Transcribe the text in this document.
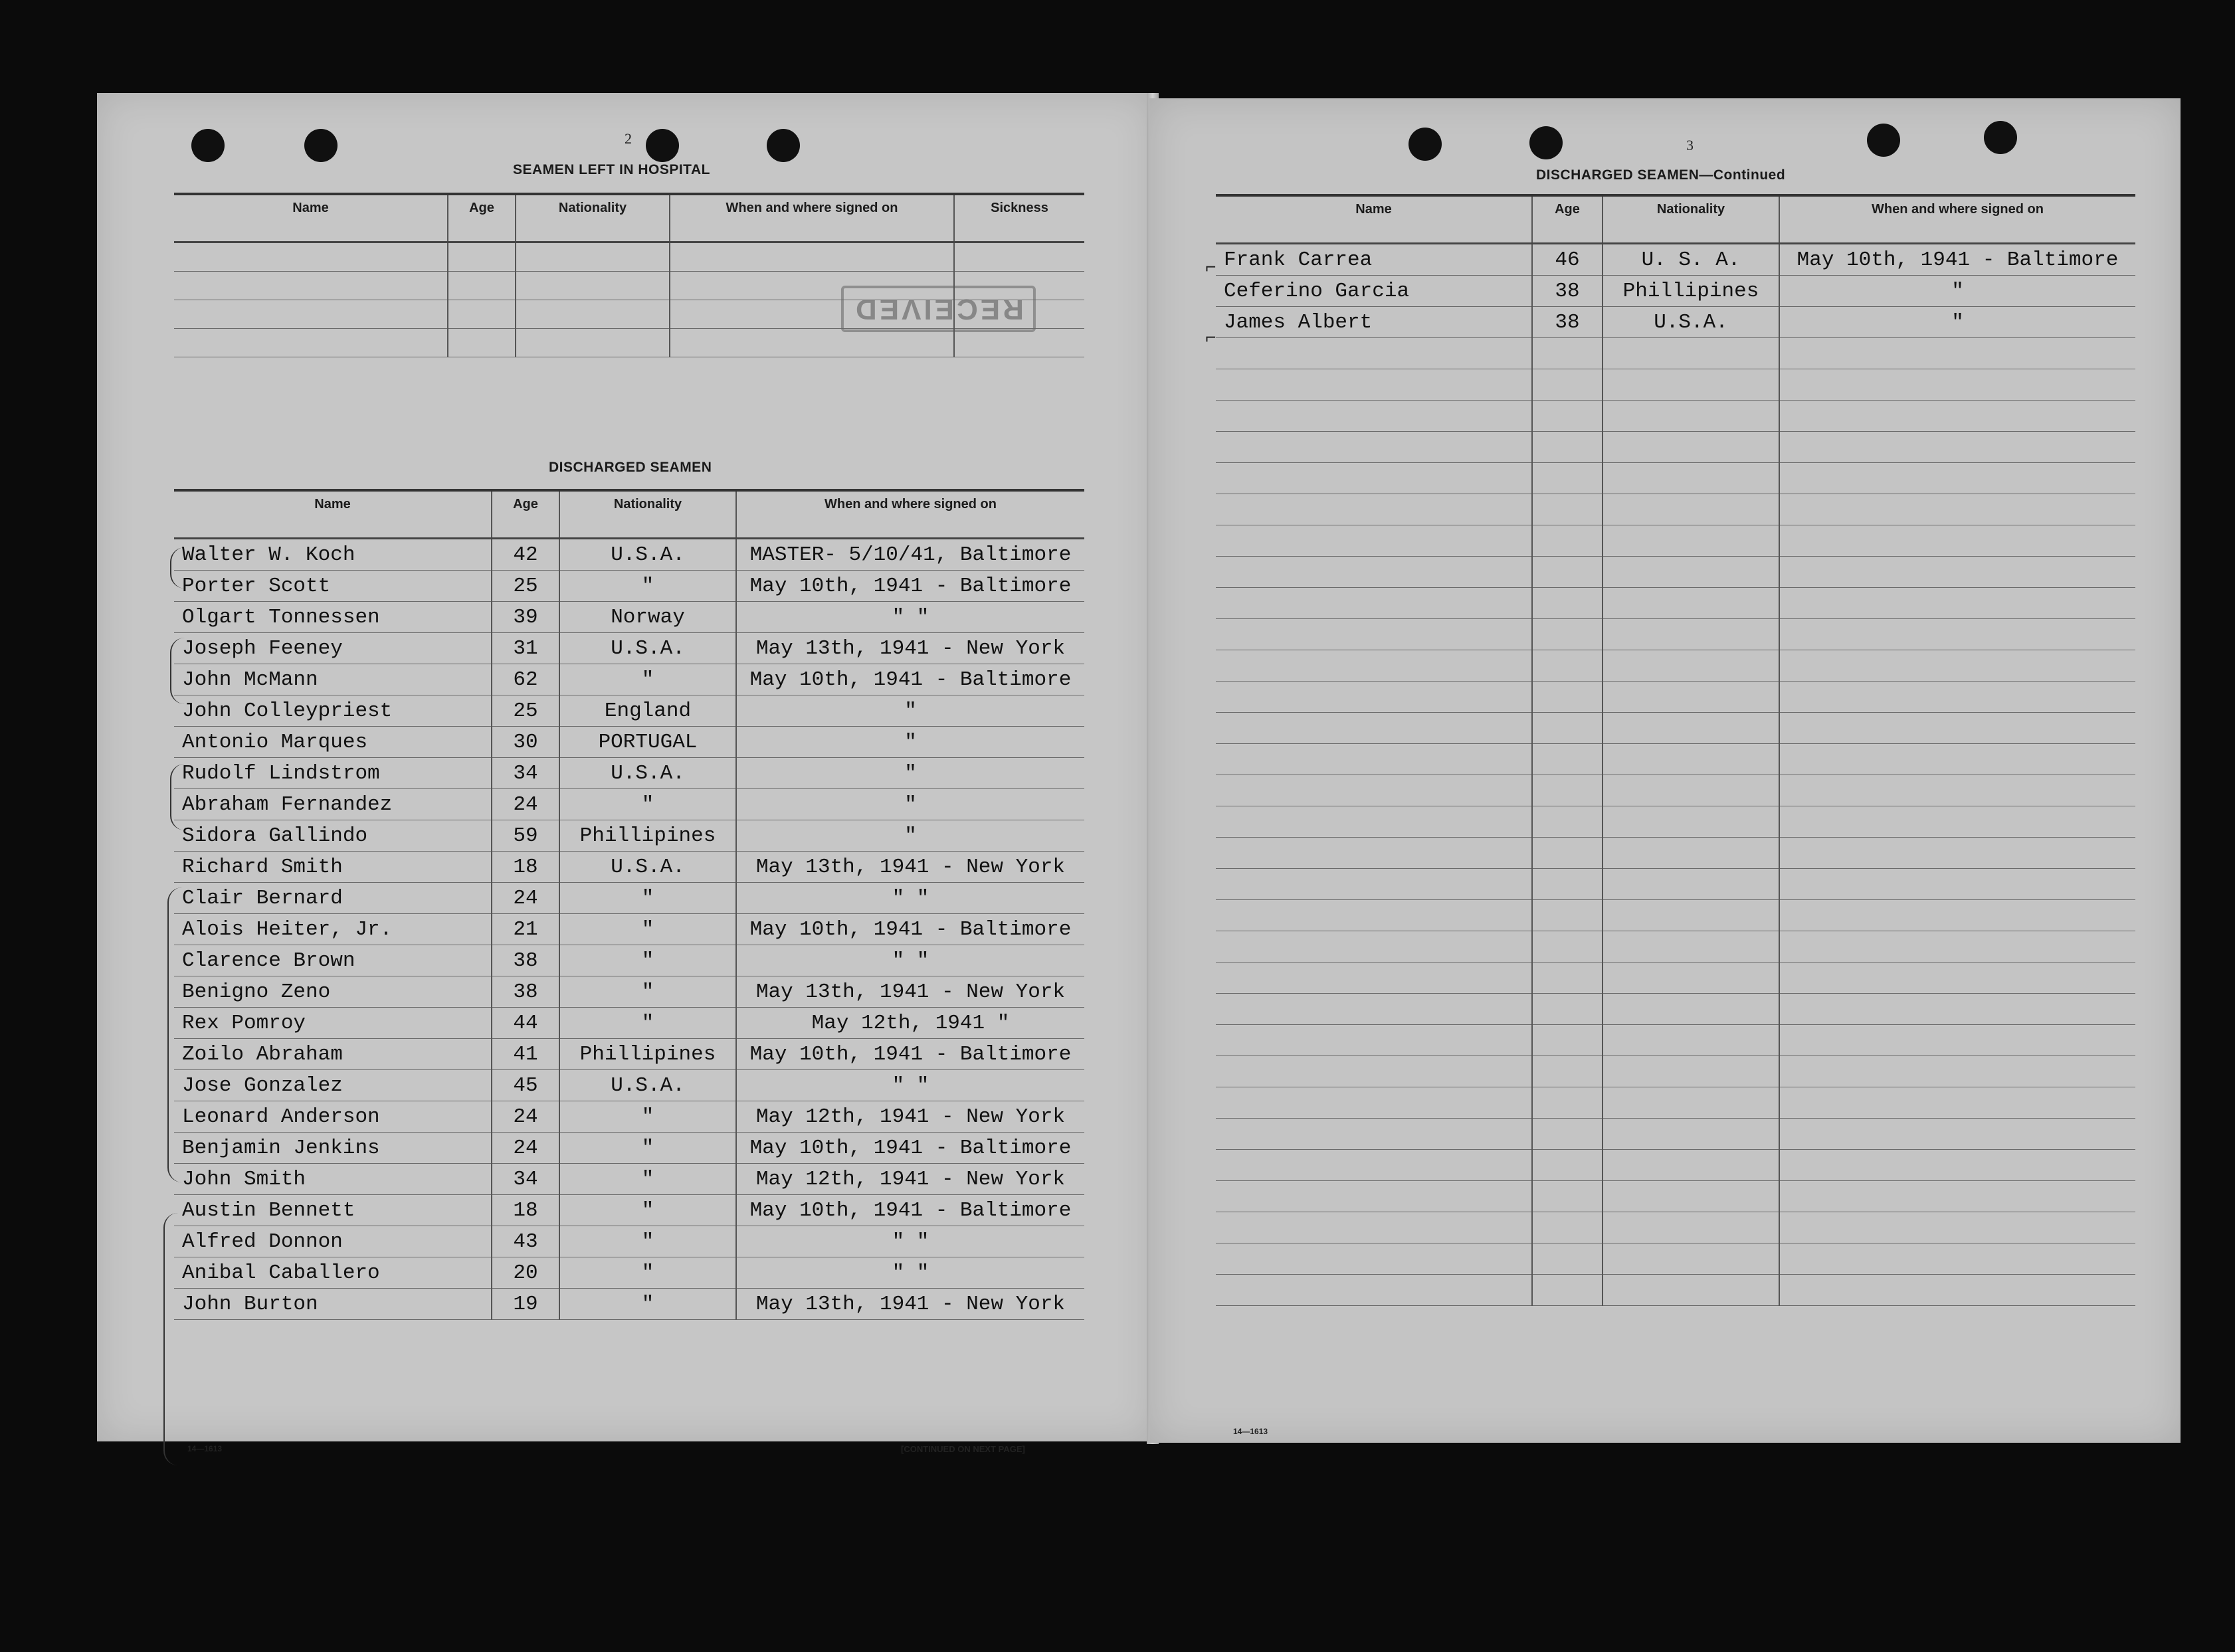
2
SEAMEN LEFT IN HOSPITAL
RECEIVED
Name	Age	Nationality	When and where signed on	Sickness

DISCHARGED SEAMEN
Name	Age	Nationality	When and where signed on
Walter W. Koch	42	U.S.A.	MASTER- 5/10/41, Baltimore
Porter Scott	25	"	May 10th, 1941 - Baltimore
Olgart Tonnessen	39	Norway	" "
Joseph Feeney	31	U.S.A.	May 13th, 1941 - New York
John McMann	62	"	May 10th, 1941 - Baltimore
John Colleypriest	25	England	"
Antonio Marques	30	PORTUGAL	"
Rudolf Lindstrom	34	U.S.A.	"
Abraham Fernandez	24	"	"
Sidora Gallindo	59	Phillipines	"
Richard Smith	18	U.S.A.	May 13th, 1941 - New York
Clair Bernard	24	"	" "
Alois Heiter, Jr.	21	"	May 10th, 1941 - Baltimore
Clarence Brown	38	"	" "
Benigno Zeno	38	"	May 13th, 1941 - New York
Rex Pomroy	44	"	May 12th, 1941 "
Zoilo Abraham	41	Phillipines	May 10th, 1941 - Baltimore
Jose Gonzalez	45	U.S.A.	" "
Leonard Anderson	24	"	May 12th, 1941 - New York
Benjamin Jenkins	24	"	May 10th, 1941 - Baltimore
John Smith	34	"	May 12th, 1941 - New York
Austin Bennett	18	"	May 10th, 1941 - Baltimore
Alfred Donnon	43	"	" "
Anibal Caballero	20	"	" "
John Burton	19	"	May 13th, 1941 - New York
14—1613	[CONTINUED ON NEXT PAGE]
3
DISCHARGED SEAMEN—Continued
Name	Age	Nationality	When and where signed on
Frank Carrea	46	U. S. A.	May 10th, 1941 - Baltimore
Ceferino Garcia	38	Phillipines	"
James Albert	38	U.S.A.	"

⌐
⌐
14—1613
